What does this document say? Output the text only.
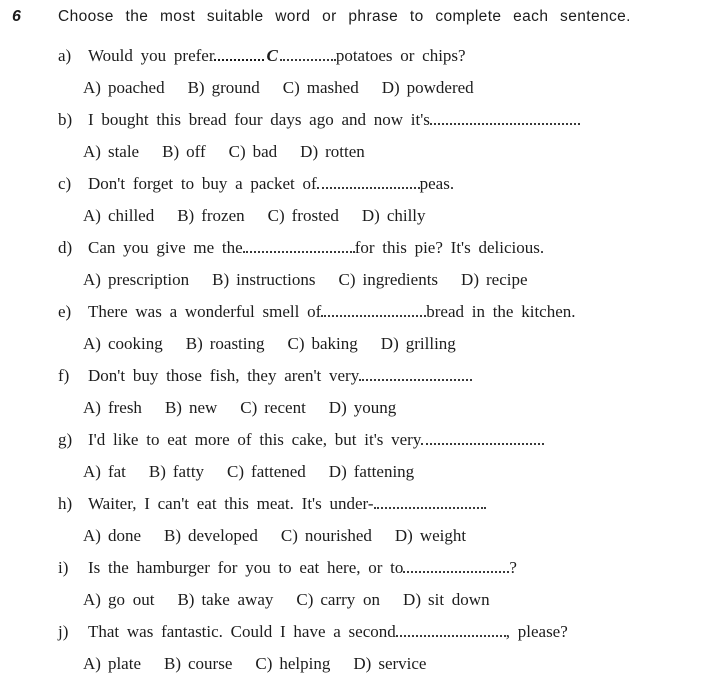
6	Choose the most suitable word or phrase to complete each sentence.
a) Would you prefer	C	potatoes or chips?
A) poached B) ground C) mashed D) powdered
b) I bought this bread four days ago and now it's
A) stale B) off C) bad D) rotten
c) Don't forget to buy a packet of	peas.
A) chilled B) frozen C) frosted D) chilly
d) Can you give me the	for this pie? It's delicious.
A) prescription B) instructions C) ingredients D) recipe
e) There was a wonderful smell of	bread in the kitchen.
A) cooking B) roasting C) baking D) grilling
f) Don't buy those fish, they aren't very
A) fresh B) new C) recent D) young
g) I'd like to eat more of this cake, but it's very
A) fat B) fatty C) fattened D) fattening
h) Waiter, I can't eat this meat. It's under-
A) done B) developed C) nourished D) weight
i) Is the hamburger for you to eat here, or to	?
A) go out B) take away C) carry on D) sit down
j) That was fantastic. Could I have a second	, please?
A) plate B) course C) helping D) service
